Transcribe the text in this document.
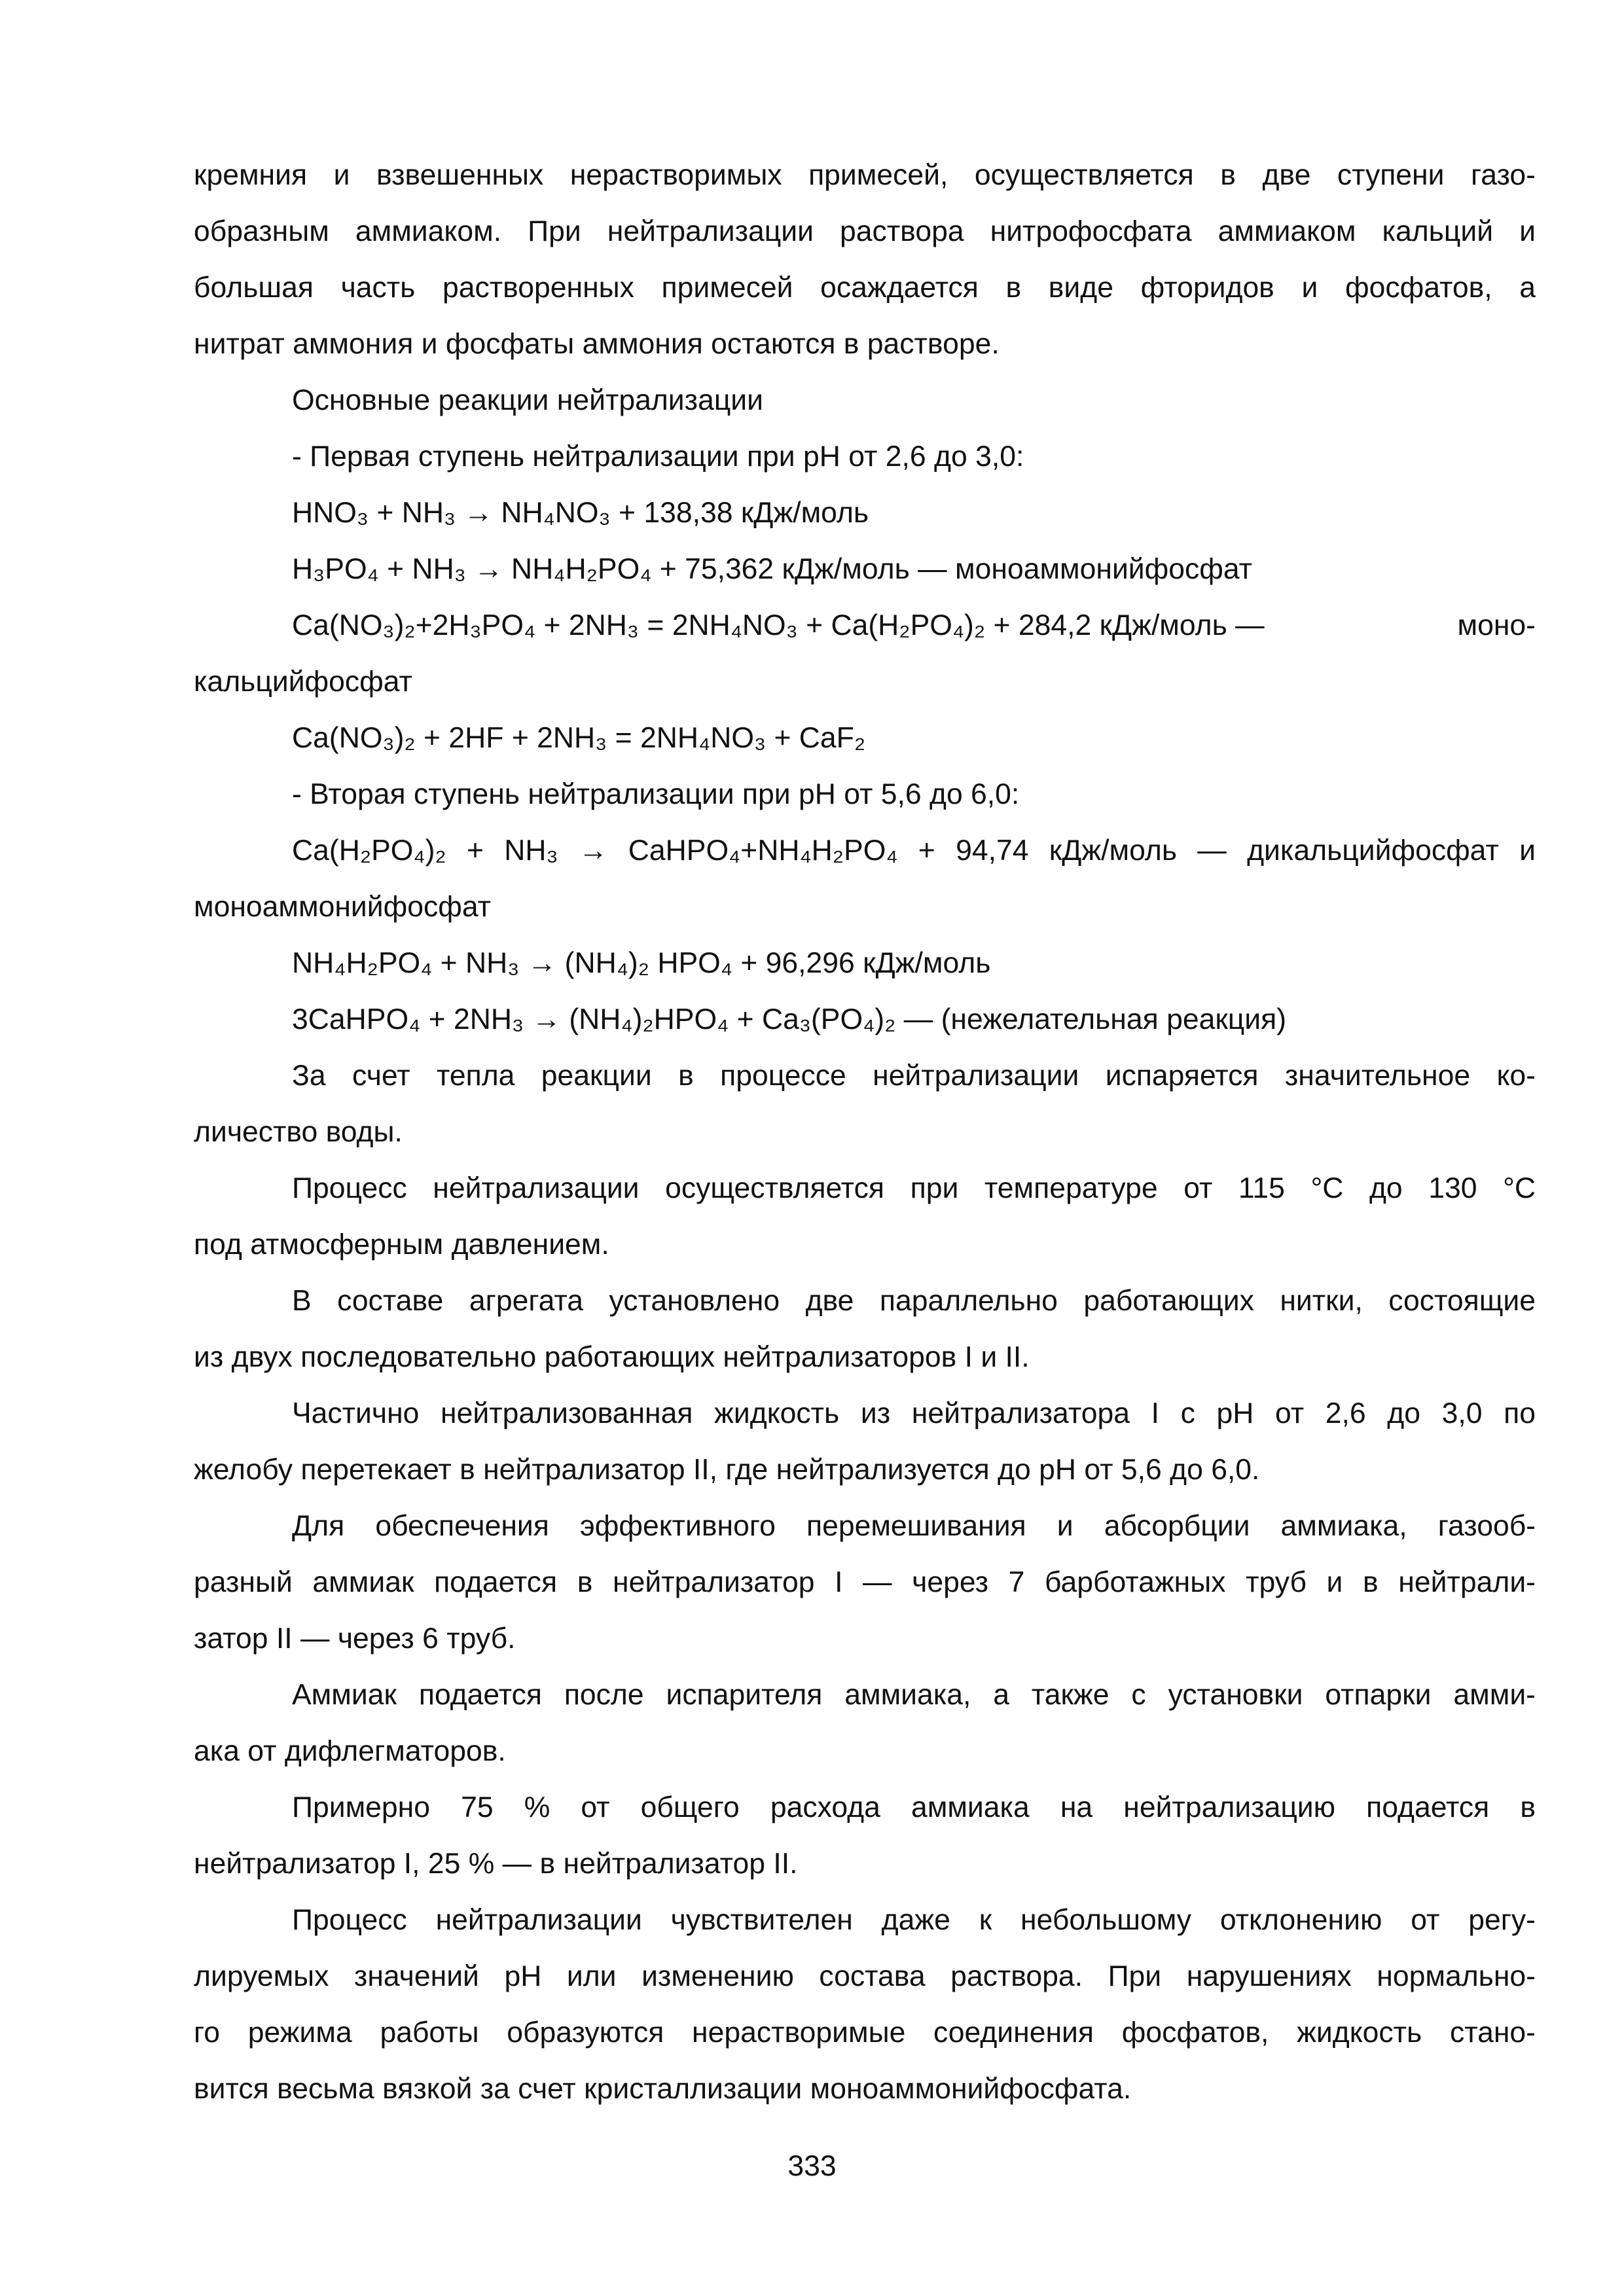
кремния и взвешенных нерастворимых примесей, осуществляется в две ступени газо-

образным аммиаком. При нейтрализации раствора нитрофосфата аммиаком кальций и

большая часть растворенных примесей осаждается в виде фторидов и фосфатов, а

нитрат аммония и фосфаты аммония остаются в растворе.

Основные реакции нейтрализации

- Первая ступень нейтрализации при pH от 2,6 до 3,0:

HNO₃ + NH₃ → NH₄NO₃ + 138,38 кДж/моль

H₃PO₄ + NH₃ → NH₄H₂PO₄ + 75,362 кДж/моль — моноаммонийфосфат

Ca(NO₃)₂+2H₃PO₄ + 2NH₃ = 2NH₄NO₃ + Ca(H₂PO₄)₂ + 284,2 кДж/моль —	моно-

кальцийфосфат

Ca(NO₃)₂ + 2HF + 2NH₃ = 2NH₄NO₃ + CaF₂

- Вторая ступень нейтрализации при pH от 5,6 до 6,0:

Ca(H₂PO₄)₂ + NH₃ → CaHPO₄+NH₄H₂PO₄ + 94,74 кДж/моль — дикальцийфосфат и

моноаммонийфосфат

NH₄H₂PO₄ + NH₃ → (NH₄)₂ HPO₄ + 96,296 кДж/моль

3CaHPO₄ + 2NH₃ → (NH₄)₂HPO₄ + Ca₃(PO₄)₂ — (нежелательная реакция)

За счет тепла реакции в процессе нейтрализации испаряется значительное ко-

личество воды.

Процесс нейтрализации осуществляется при температуре от 115 °С до 130 °С

под атмосферным давлением.

В составе агрегата установлено две параллельно работающих нитки, состоящие

из двух последовательно работающих нейтрализаторов I и II.

Частично нейтрализованная жидкость из нейтрализатора I с pH от 2,6 до 3,0 по

желобу перетекает в нейтрализатор II, где нейтрализуется до pH от 5,6 до 6,0.

Для обеспечения эффективного перемешивания и абсорбции аммиака, газооб-

разный аммиак подается в нейтрализатор I — через 7 барботажных труб и в нейтрали-

затор II — через 6 труб.

Аммиак подается после испарителя аммиака, а также с установки отпарки амми-

ака от дифлегматоров.

Примерно 75 % от общего расхода аммиака на нейтрализацию подается в

нейтрализатор I, 25 % — в нейтрализатор II.

Процесс нейтрализации чувствителен даже к небольшому отклонению от регу-

лируемых значений pH или изменению состава раствора. При нарушениях нормально-

го режима работы образуются нерастворимые соединения фосфатов, жидкость стано-

вится весьма вязкой за счет кристаллизации моноаммонийфосфата.

333
